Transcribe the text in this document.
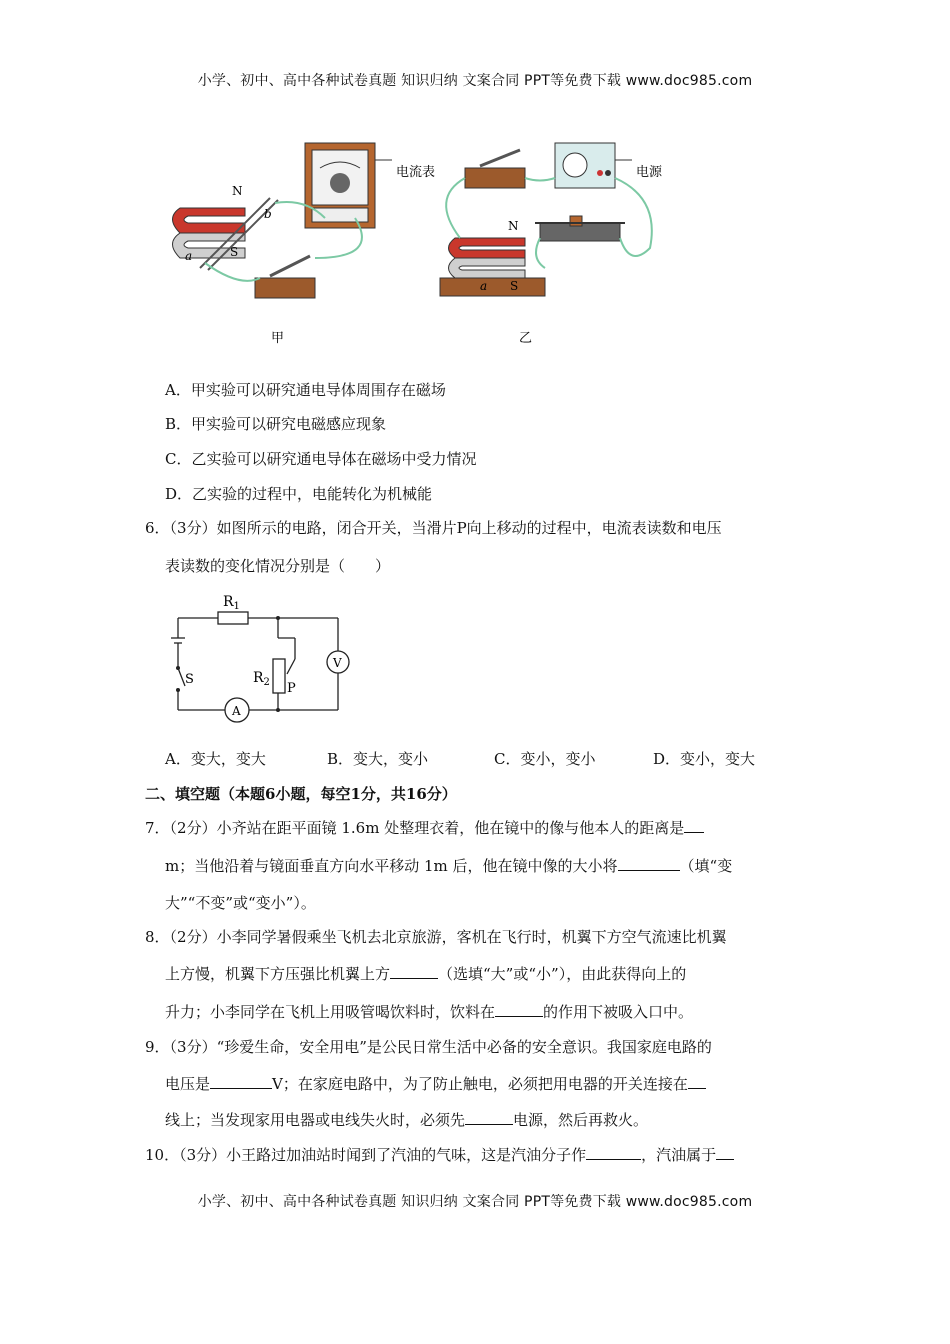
小学、初中、高中各种试卷真题 知识归纳 文案合同 PPT等免费下载 www.doc985.com
N
S
a
b
电流表	电源
N
a S
甲	乙
A．甲实验可以研究通电导体周围存在磁场
B．甲实验可以研究电磁感应现象
C．乙实验可以研究通电导体在磁场中受力情况
D．乙实验的过程中，电能转化为机械能
6．（3分）如图所示的电路，闭合开关，当滑片P向上移动的过程中，电流表读数和电压
表读数的变化情况分别是（　　）
$R_1$
$R_2$ P
S
V
A
A．变大，变大	B．变大，变小	C．变小，变小	D．变小，变大
二、填空题（本题6小题，每空1分，共16分）
7．（2分）小齐站在距平面镜 1.6m 处整理衣着，他在镜中的像与他本人的距离是
m；当他沿着与镜面垂直方向水平移动 1m 后，他在镜中像的大小将	（填“变
大”“不变”或“变小”）。
8．（2分）小李同学暑假乘坐飞机去北京旅游，客机在飞行时，机翼下方空气流速比机翼
上方慢，机翼下方压强比机翼上方	（选填“大”或“小”），由此获得向上的
升力；小李同学在飞机上用吸管喝饮料时，饮料在	的作用下被吸入口中。
9．（3分）“珍爱生命，安全用电”是公民日常生活中必备的安全意识。我国家庭电路的
电压是	V；在家庭电路中，为了防止触电，必须把用电器的开关连接在
线上；当发现家用电器或电线失火时，必须先	电源，然后再救火。
10．（3分）小王路过加油站时闻到了汽油的气味，这是汽油分子作	，汽油属于
小学、初中、高中各种试卷真题 知识归纳 文案合同 PPT等免费下载 www.doc985.com
